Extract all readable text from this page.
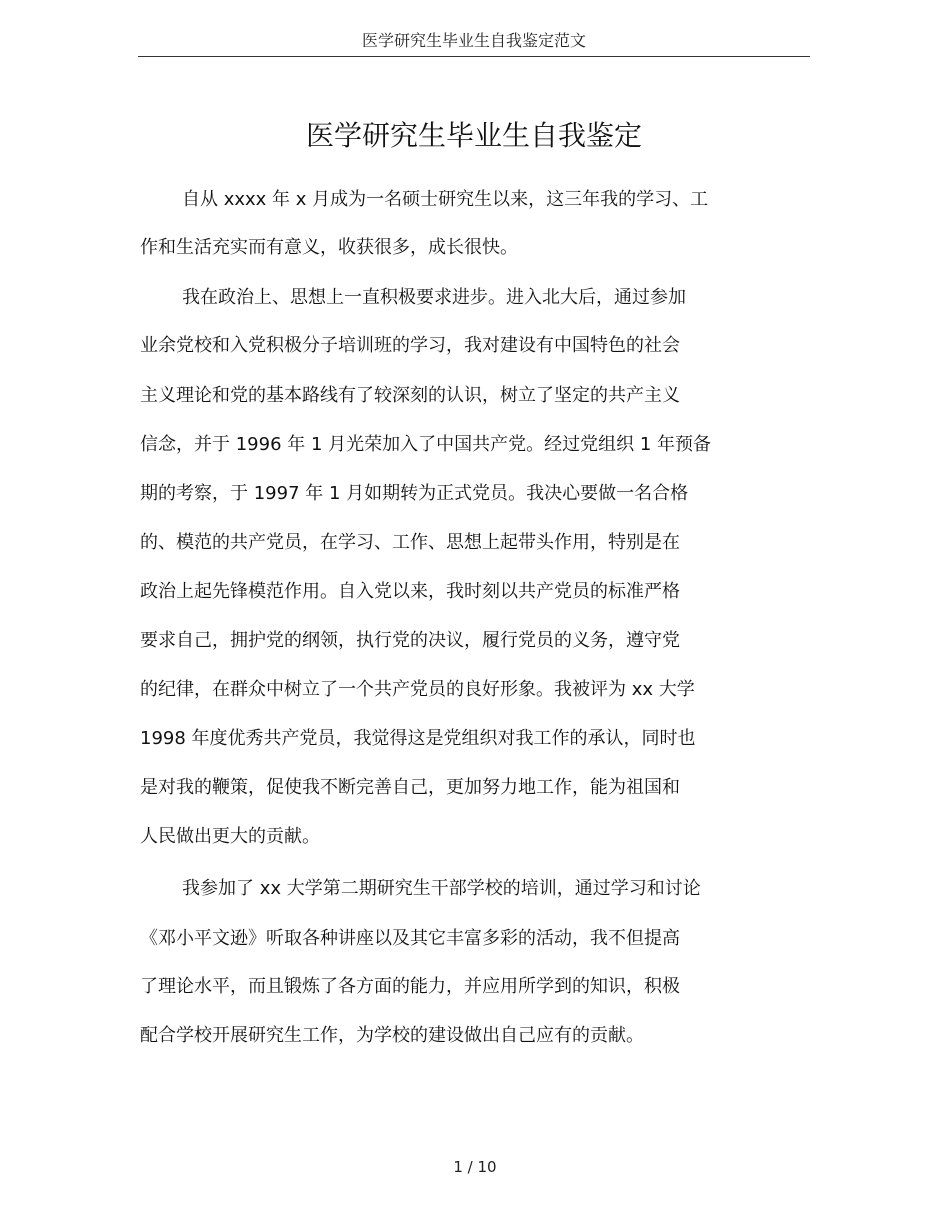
医学研究生毕业生自我鉴定范文
医学研究生毕业生自我鉴定
自从 xxxx 年 x 月成为一名硕士研究生以来，这三年我的学习、工
作和生活充实而有意义，收获很多，成长很快。
我在政治上、思想上一直积极要求进步。进入北大后，通过参加
业余党校和入党积极分子培训班的学习，我对建设有中国特色的社会
主义理论和党的基本路线有了较深刻的认识，树立了坚定的共产主义
信念，并于 1996 年 1 月光荣加入了中国共产党。经过党组织 1 年预备
期的考察，于 1997 年 1 月如期转为正式党员。我决心要做一名合格
的、模范的共产党员，在学习、工作、思想上起带头作用，特别是在
政治上起先锋模范作用。自入党以来，我时刻以共产党员的标准严格
要求自己，拥护党的纲领，执行党的决议，履行党员的义务，遵守党
的纪律，在群众中树立了一个共产党员的良好形象。我被评为 xx 大学
1998 年度优秀共产党员，我觉得这是党组织对我工作的承认，同时也
是对我的鞭策，促使我不断完善自己，更加努力地工作，能为祖国和
人民做出更大的贡献。
我参加了 xx 大学第二期研究生干部学校的培训，通过学习和讨论
《邓小平文逊》听取各种讲座以及其它丰富多彩的活动，我不但提高
了理论水平，而且锻炼了各方面的能力，并应用所学到的知识，积极
配合学校开展研究生工作，为学校的建设做出自己应有的贡献。
1 / 10
